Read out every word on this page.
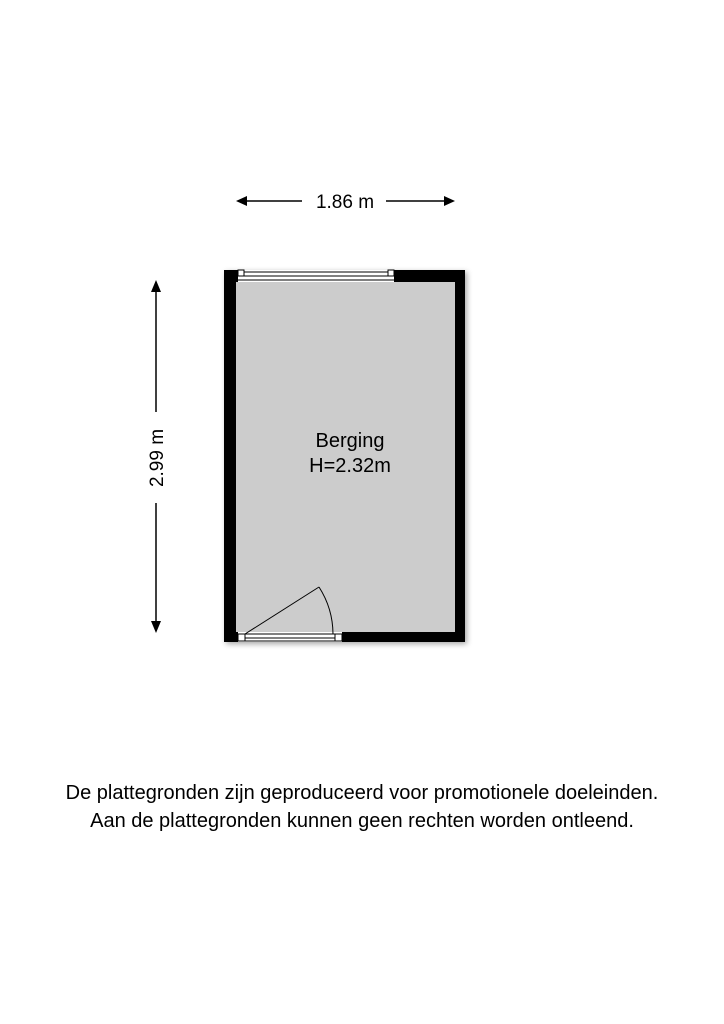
1.86 m
2.99 m	Berging
H=2.32m
De plattegronden zijn geproduceerd voor promotionele doeleinden.
Aan de plattegronden kunnen geen rechten worden ontleend.
